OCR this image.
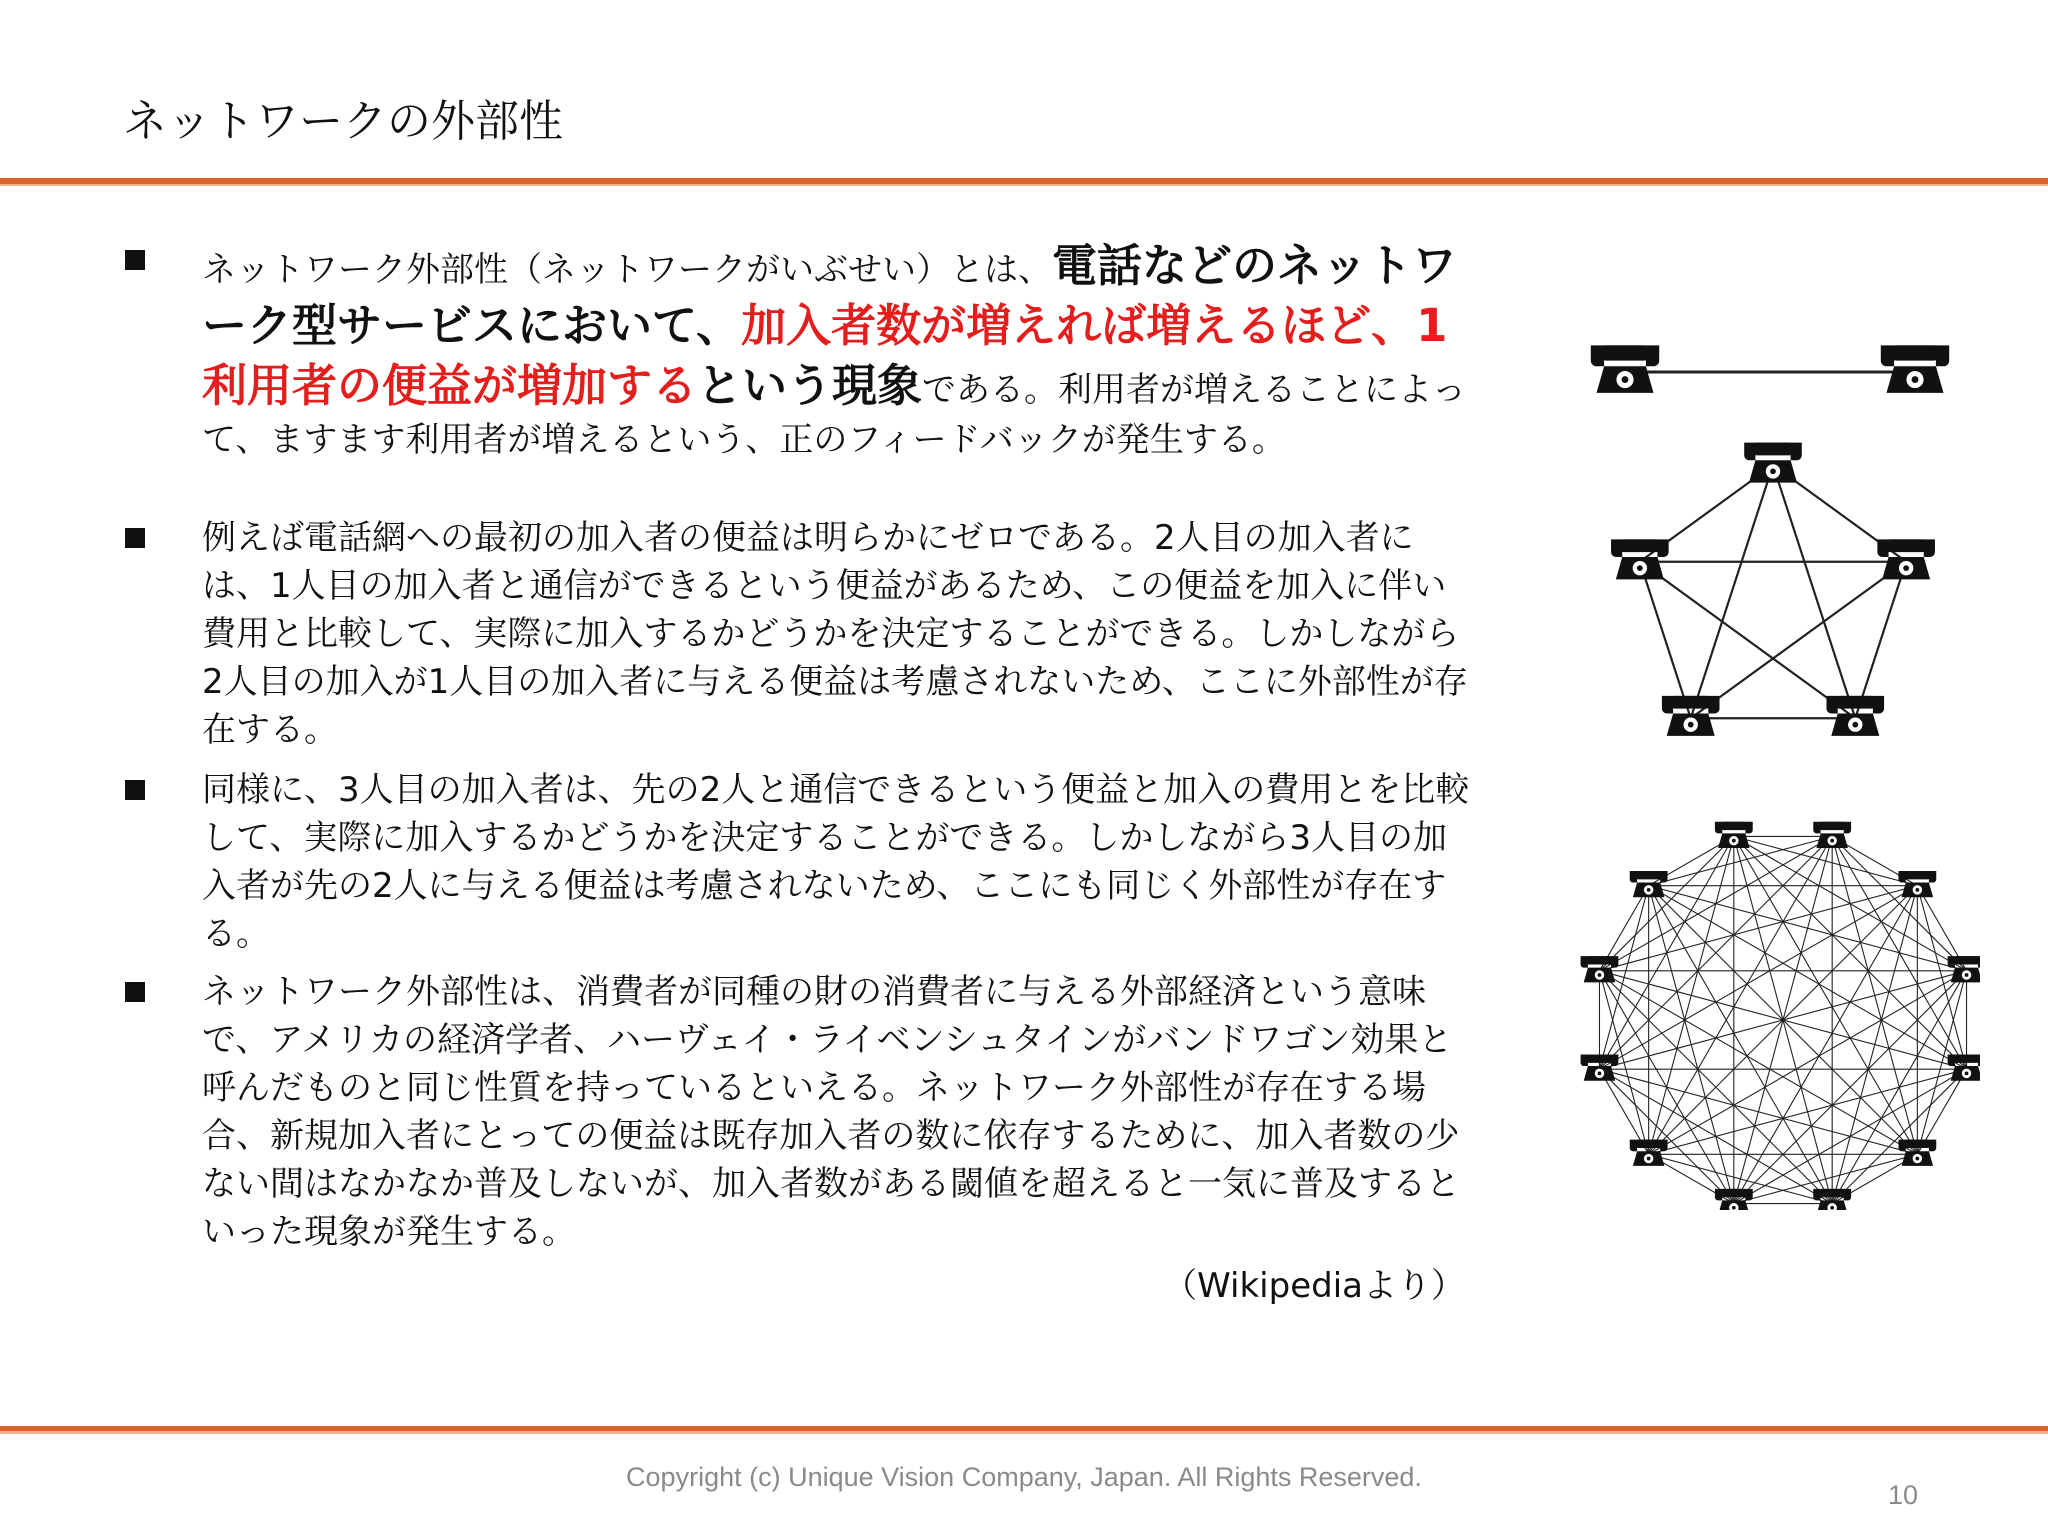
ネットワークの外部性
ネットワーク外部性（ネットワークがいぶせい）とは、電話などのネットワーク型サービスにおいて、加入者数が増えれば増えるほど、1利用者の便益が増加するという現象である。利用者が増えることによって、ますます利用者が増えるという、正のフィードバックが発生する。
例えば電話網への最初の加入者の便益は明らかにゼロである。2人目の加入者には、1人目の加入者と通信ができるという便益があるため、この便益を加入に伴い費用と比較して、実際に加入するかどうかを決定することができる。しかしながら2人目の加入が1人目の加入者に与える便益は考慮されないため、ここに外部性が存在する。
同様に、3人目の加入者は、先の2人と通信できるという便益と加入の費用とを比較して、実際に加入するかどうかを決定することができる。しかしながら3人目の加入者が先の2人に与える便益は考慮されないため、ここにも同じく外部性が存在する。
ネットワーク外部性は、消費者が同種の財の消費者に与える外部経済という意味で、アメリカの経済学者、ハーヴェイ・ライベンシュタインがバンドワゴン効果と呼んだものと同じ性質を持っているといえる。ネットワーク外部性が存在する場合、新規加入者にとっての便益は既存加入者の数に依存するために、加入者数の少ない間はなかなか普及しないが、加入者数がある閾値を超えると一気に普及するといった現象が発生する。
（Wikipediaより）
Copyright (c) Unique Vision Company, Japan. All Rights Reserved.
10
